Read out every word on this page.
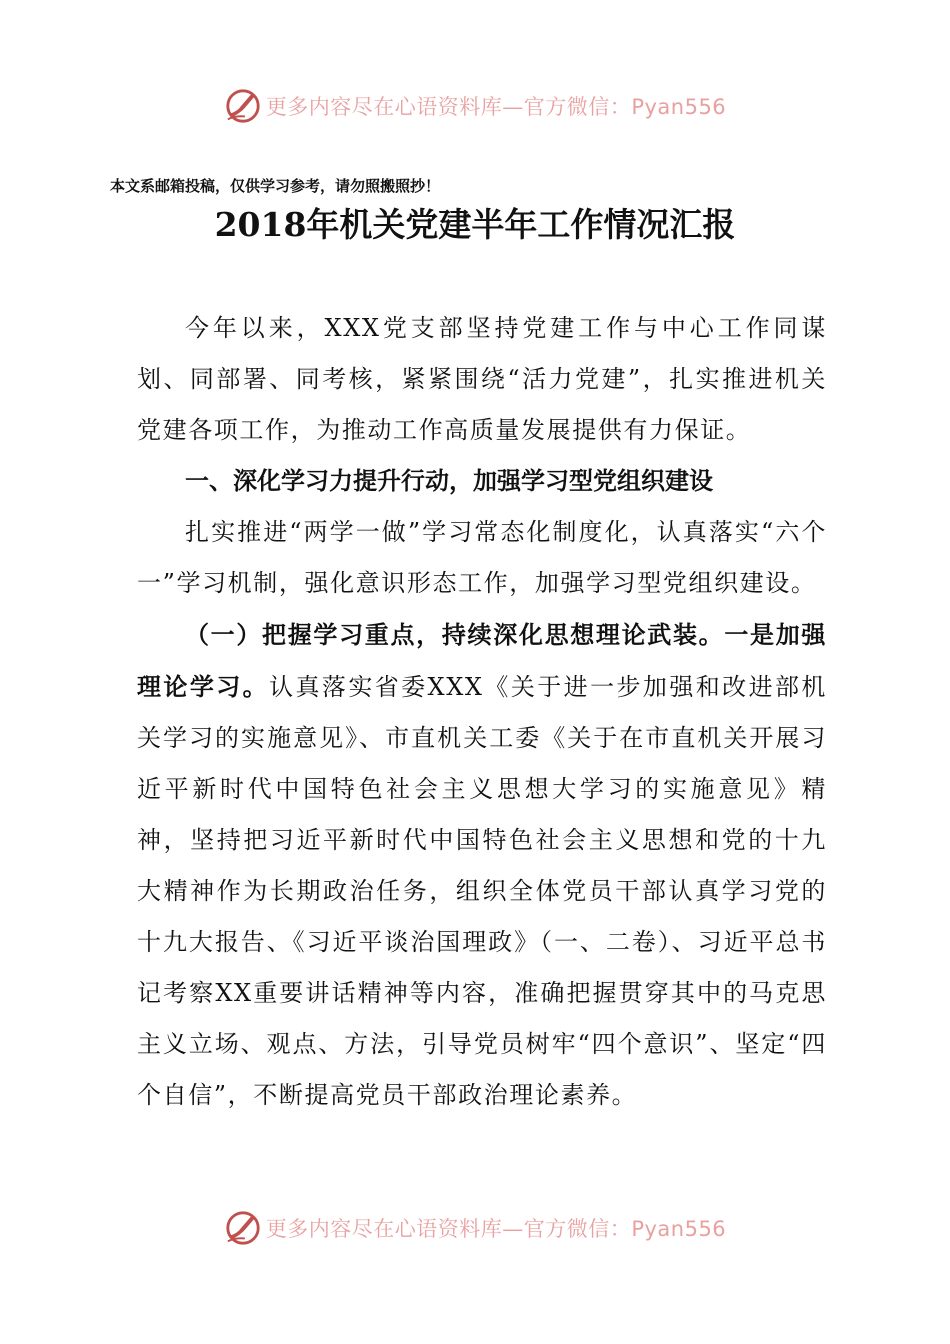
更多内容尽在心语资料库—官方微信：Pyan556
本文系邮箱投稿，仅供学习参考，请勿照搬照抄！
2018年机关党建半年工作情况汇报

今年以来，XXX党支部坚持党建工作与中心工作同谋划、同部署、同考核，紧紧围绕“活力党建”，扎实推进机关党建各项工作，为推动工作高质量发展提供有力保证。

一、深化学习力提升行动，加强学习型党组织建设

扎实推进“两学一做”学习常态化制度化，认真落实“六个一”学习机制，强化意识形态工作，加强学习型党组织建设。

（一）把握学习重点，持续深化思想理论武装。一是加强理论学习。认真落实省委XXX《关于进一步加强和改进部机关学习的实施意见》、市直机关工委《关于在市直机关开展习近平新时代中国特色社会主义思想大学习的实施意见》精神，坚持把习近平新时代中国特色社会主义思想和党的十九大精神作为长期政治任务，组织全体党员干部认真学习党的十九大报告、《习近平谈治国理政》（一、二卷）、习近平总书记考察XX重要讲话精神等内容，准确把握贯穿其中的马克思主义立场、观点、方法，引导党员树牢“四个意识”、坚定“四个自信”，不断提高党员干部政治理论素养。

更多内容尽在心语资料库—官方微信：Pyan556
